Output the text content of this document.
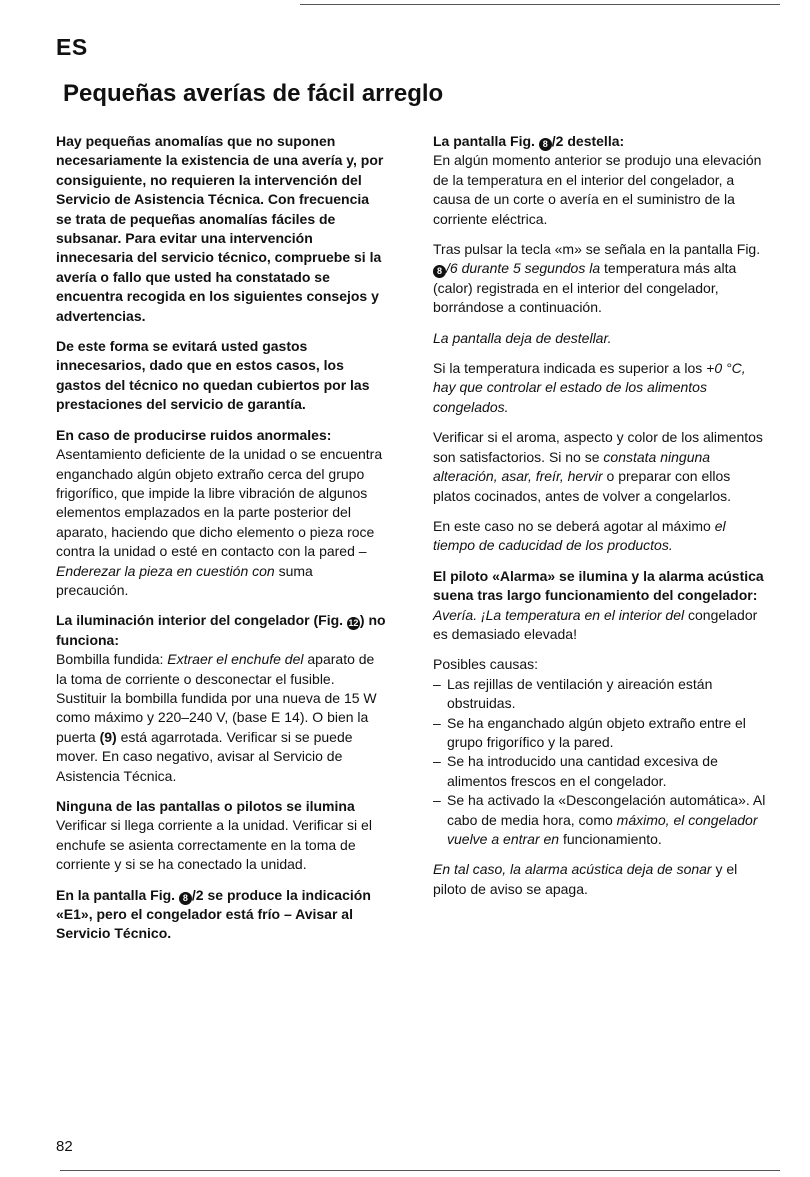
ES
Pequeñas averías de fácil arreglo

Hay pequeñas anomalías que no suponen necesariamente la existencia de una avería y, por consiguiente, no requieren la intervención del Servicio de Asistencia Técnica. Con frecuencia se trata de pequeñas anomalías fáciles de subsanar. Para evitar una intervención innecesaria del servicio técnico, compruebe si la avería o fallo que usted ha constatado se encuentra recogida en los siguientes consejos y advertencias.

De este forma se evitará usted gastos innecesarios, dado que en estos casos, los gastos del técnico no quedan cubiertos por las prestaciones del servicio de garantía.

En caso de producirse ruidos anormales:
Asentamiento deficiente de la unidad o se encuentra enganchado algún objeto extraño cerca del grupo frigorífico, que impide la libre vibración de algunos elementos emplazados en la parte posterior del aparato, haciendo que dicho elemento o pieza roce contra la unidad o esté en contacto con la pared – Enderezar la pieza en cuestión con suma precaución.

La iluminación interior del congelador (Fig. 12 ) no funciona:
Bombilla fundida: Extraer el enchufe del aparato de la toma de corriente o desconectar el fusible. Sustituir la bombilla fundida por una nueva de 15 W como máximo y 220–240 V, (base E 14). O bien la puerta (9) está agarrotada. Verificar si se puede mover. En caso negativo, avisar al Servicio de Asistencia Técnica.

Ninguna de las pantallas o pilotos se ilumina
Verificar si llega corriente a la unidad. Verificar si el enchufe se asienta correctamente en la toma de corriente y si se ha conectado la unidad.

En la pantalla Fig. 8 /2 se produce la indicación «E1», pero el congelador está frío – Avisar al Servicio Técnico.

La pantalla Fig. 8 /2 destella:
En algún momento anterior se produjo una elevación de la temperatura en el interior del congelador, a causa de un corte o avería en el suministro de la corriente eléctrica.

Tras pulsar la tecla «m» se señala en la pantalla Fig. 8 /6 durante 5 segundos la temperatura más alta (calor) registrada en el interior del congelador, borrándose a continuación.

La pantalla deja de destellar.

Si la temperatura indicada es superior a los +0 °C, hay que controlar el estado de los alimentos congelados.

Verificar si el aroma, aspecto y color de los alimentos son satisfactorios. Si no se constata ninguna alteración, asar, freír, hervir o preparar con ellos platos cocinados, antes de volver a congelarlos.

En este caso no se deberá agotar al máximo el tiempo de caducidad de los productos.

El piloto «Alarma» se ilumina y la alarma acústica suena tras largo funcionamiento del congelador:
Avería. ¡La temperatura en el interior del congelador es demasiado elevada!

Posibles causas:
– Las rejillas de ventilación y aireación están obstruidas.
– Se ha enganchado algún objeto extraño entre el grupo frigorífico y la pared.
– Se ha introducido una cantidad excesiva de alimentos frescos en el congelador.
– Se ha activado la «Descongelación automática». Al cabo de media hora, como máximo, el congelador vuelve a entrar en funcionamiento.

En tal caso, la alarma acústica deja de sonar y el piloto de aviso se apaga.

82
